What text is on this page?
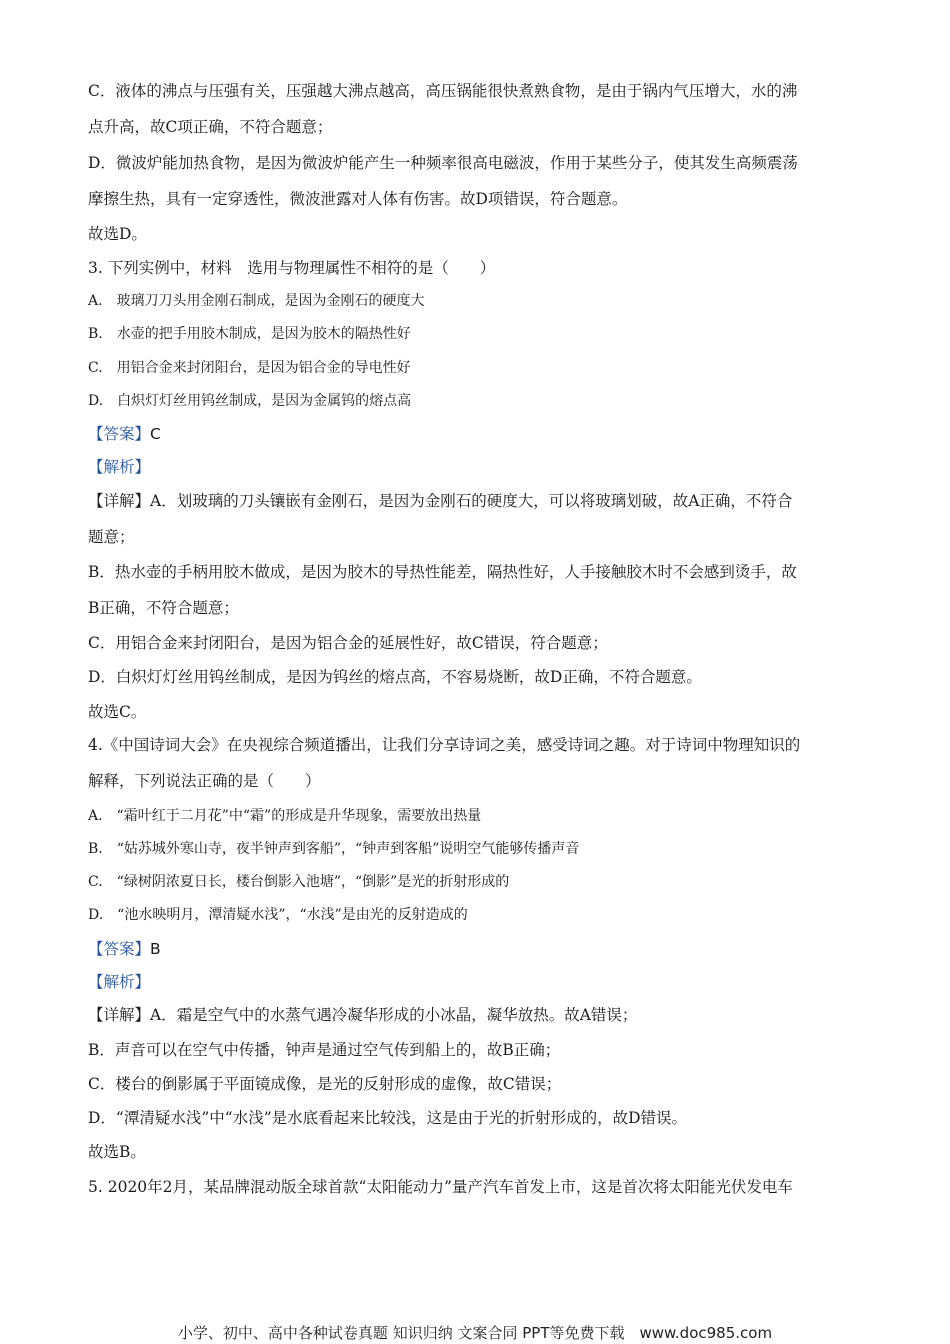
C．液体的沸点与压强有关，压强越大沸点越高，高压锅能很快煮熟食物，是由于锅内气压增大，水的沸
点升高，故C项正确，不符合题意；
D．微波炉能加热食物，是因为微波炉能产生一种频率很高电磁波，作用于某些分子，使其发生高频震荡
摩擦生热，具有一定穿透性，微波泄露对人体有伤害。故D项错误，符合题意。
故选D。
3. 下列实例中，材料　选用与物理属性不相符的是（　　）
A.　玻璃刀刀头用金刚石制成，是因为金刚石的硬度大
B.　水壶的把手用胶木制成，是因为胶木的隔热性好
C.　用铝合金来封闭阳台，是因为铝合金的导电性好
D.　白炽灯灯丝用钨丝制成，是因为金属钨的熔点高
【答案】C
【解析】
【详解】A．划玻璃的刀头镶嵌有金刚石，是因为金刚石的硬度大，可以将玻璃划破，故A正确，不符合
题意；
B．热水壶的手柄用胶木做成，是因为胶木的导热性能差，隔热性好，人手接触胶木时不会感到烫手，故
B正确，不符合题意；
C．用铝合金来封闭阳台，是因为铝合金的延展性好，故C错误，符合题意；
D．白炽灯灯丝用钨丝制成，是因为钨丝的熔点高，不容易烧断，故D正确，不符合题意。
故选C。
4.《中国诗词大会》在央视综合频道播出，让我们分享诗词之美，感受诗词之趣。对于诗词中物理知识的
解释，下列说法正确的是（　　）
A.　“霜叶红于二月花”中“霜”的形成是升华现象，需要放出热量
B.　“姑苏城外寒山寺，夜半钟声到客船”，“钟声到客船”说明空气能够传播声音
C.　“绿树阴浓夏日长，楼台倒影入池塘”，“倒影”是光的折射形成的
D.　“池水映明月，潭清疑水浅”，“水浅”是由光的反射造成的
【答案】B
【解析】
【详解】A．霜是空气中的水蒸气遇冷凝华形成的小冰晶，凝华放热。故A错误；
B．声音可以在空气中传播，钟声是通过空气传到船上的，故B正确；
C．楼台的倒影属于平面镜成像，是光的反射形成的虚像，故C错误；
D．“潭清疑水浅”中“水浅”是水底看起来比较浅，这是由于光的折射形成的，故D错误。
故选B。
5. 2020年2月，某品牌混动版全球首款“太阳能动力”量产汽车首发上市，这是首次将太阳能光伏发电车
小学、初中、高中各种试卷真题 知识归纳 文案合同 PPT等免费下载　www.doc985.com
